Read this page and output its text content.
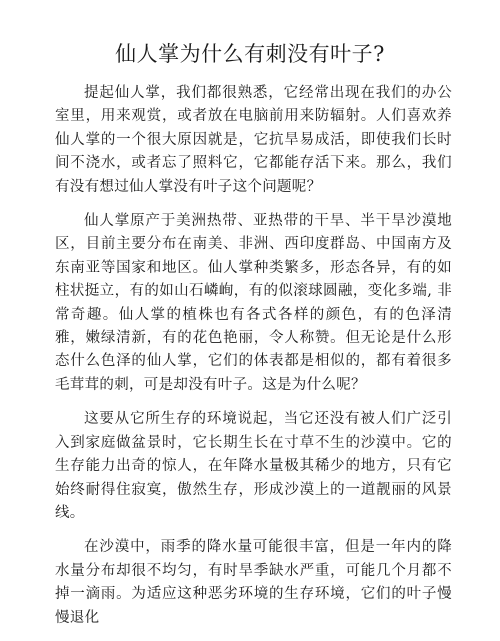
仙人掌为什么有刺没有叶子?

提起仙人掌，我们都很熟悉，它经常出现在我们的办公 室里，用来观赏，或者放在电脑前用来防辐射。人们喜欢养 仙人掌的一个很大原因就是，它抗旱易成活，即使我们长时 间不浇水，或者忘了照料它，它都能存活下来。那么，我们 有没有想过仙人掌没有叶子这个问题呢？

仙人掌原产于美洲热带、亚热带的干旱、半干旱沙漠地 区，目前主要分布在南美、非洲、西印度群岛、中国南方及 东南亚等国家和地区。仙人掌种类繁多，形态各异，有的如 柱状挺立，有的如山石嶙峋，有的似滚球圆融，变化多端, 非常奇趣。仙人掌的植株也有各式各样的颜色，有的色泽清 雅，嫩绿清新，有的花色艳丽，令人称赞。但无论是什么形 态什么色泽的仙人掌，它们的体表都是相似的，都有着很多 毛茸茸的刺，可是却没有叶子。这是为什么呢？

这要从它所生存的环境说起，当它还没有被人们广泛引 入到家庭做盆景时，它长期生长在寸草不生的沙漠中。它的 生存能力出奇的惊人，在年降水量极其稀少的地方，只有它 始终耐得住寂寞，傲然生存，形成沙漠上的一道靓丽的风景 线。

在沙漠中，雨季的降水量可能很丰富，但是一年内的降 水量分布却很不均匀，有时旱季缺水严重，可能几个月都不 掉一滴雨。为适应这种恶劣环境的生存环境，它们的叶子慢慢退化
